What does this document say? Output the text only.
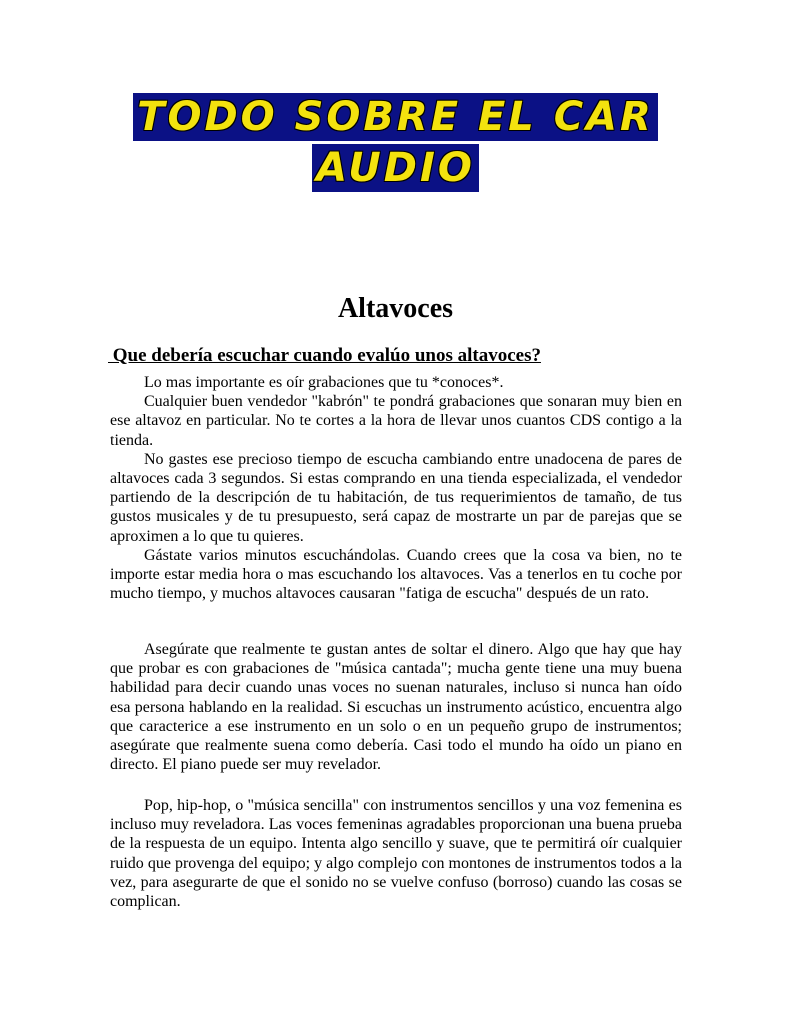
TODO SOBRE EL CAR
AUDIO
Altavoces
Que debería escuchar cuando evalúo unos altavoces?

Lo mas importante es oír grabaciones que tu *conoces*.

Cualquier buen vendedor "kabrón" te pondrá grabaciones que sonaran muy bien en ese altavoz en particular. No te cortes a la hora de llevar unos cuantos CDS contigo a la tienda.

No gastes ese precioso tiempo de escucha cambiando entre unadocena de pares de altavoces cada 3 segundos. Si estas comprando en una tienda especializada, el vendedor partiendo de la descripción de tu habitación, de tus requerimientos de tamaño, de tus gustos musicales y de tu presupuesto, será capaz de mostrarte un par de parejas que se aproximen a lo que tu quieres.

Gástate varios minutos escuchándolas. Cuando crees que la cosa va bien, no te importe estar media hora o mas escuchando los altavoces. Vas a tenerlos en tu coche por mucho tiempo, y muchos altavoces causaran "fatiga de escucha" después de un rato.

Asegúrate que realmente te gustan antes de soltar el dinero. Algo que hay que hay que probar es con grabaciones de "música cantada"; mucha gente tiene una muy buena habilidad para decir cuando unas voces no suenan naturales, incluso si nunca han oído esa persona hablando en la realidad. Si escuchas un instrumento acústico, encuentra algo que caracterice a ese instrumento en un solo o en un pequeño grupo de instrumentos; asegúrate que realmente suena como debería. Casi todo el mundo ha oído un piano en directo. El piano puede ser muy revelador.

Pop, hip-hop, o "música sencilla" con instrumentos sencillos y una voz femenina es incluso muy reveladora. Las voces femeninas agradables proporcionan una buena prueba de la respuesta de un equipo. Intenta algo sencillo y suave, que te permitirá oír cualquier ruido que provenga del equipo; y algo complejo con montones de instrumentos todos a la vez, para asegurarte de que el sonido no se vuelve confuso (borroso) cuando las cosas se complican.
